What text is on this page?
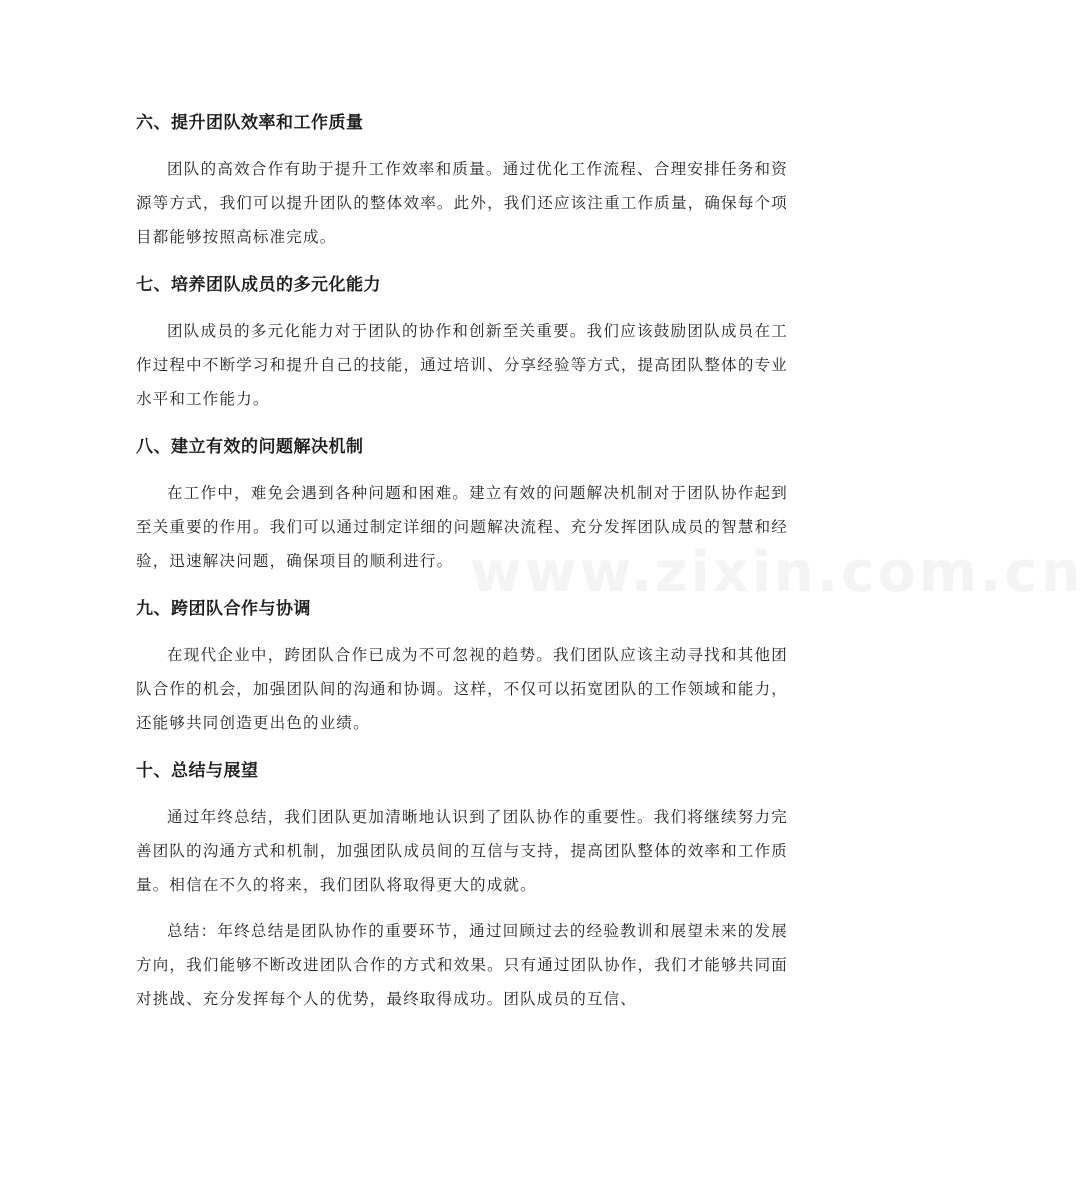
www.zixin.com.cn
六、提升团队效率和工作质量

团队的高效合作有助于提升工作效率和质量。通过优化工作流程、合理安排任务和资源等方式，我们可以提升团队的整体效率。此外，我们还应该注重工作质量，确保每个项目都能够按照高标准完成。

七、培养团队成员的多元化能力

团队成员的多元化能力对于团队的协作和创新至关重要。我们应该鼓励团队成员在工作过程中不断学习和提升自己的技能，通过培训、分享经验等方式，提高团队整体的专业水平和工作能力。

八、建立有效的问题解决机制

在工作中，难免会遇到各种问题和困难。建立有效的问题解决机制对于团队协作起到至关重要的作用。我们可以通过制定详细的问题解决流程、充分发挥团队成员的智慧和经验，迅速解决问题，确保项目的顺利进行。

九、跨团队合作与协调

在现代企业中，跨团队合作已成为不可忽视的趋势。我们团队应该主动寻找和其他团队合作的机会，加强团队间的沟通和协调。这样，不仅可以拓宽团队的工作领域和能力，还能够共同创造更出色的业绩。

十、总结与展望

通过年终总结，我们团队更加清晰地认识到了团队协作的重要性。我们将继续努力完善团队的沟通方式和机制，加强团队成员间的互信与支持，提高团队整体的效率和工作质量。相信在不久的将来，我们团队将取得更大的成就。

总结：年终总结是团队协作的重要环节，通过回顾过去的经验教训和展望未来的发展方向，我们能够不断改进团队合作的方式和效果。只有通过团队协作，我们才能够共同面对挑战、充分发挥每个人的优势，最终取得成功。团队成员的互信、
